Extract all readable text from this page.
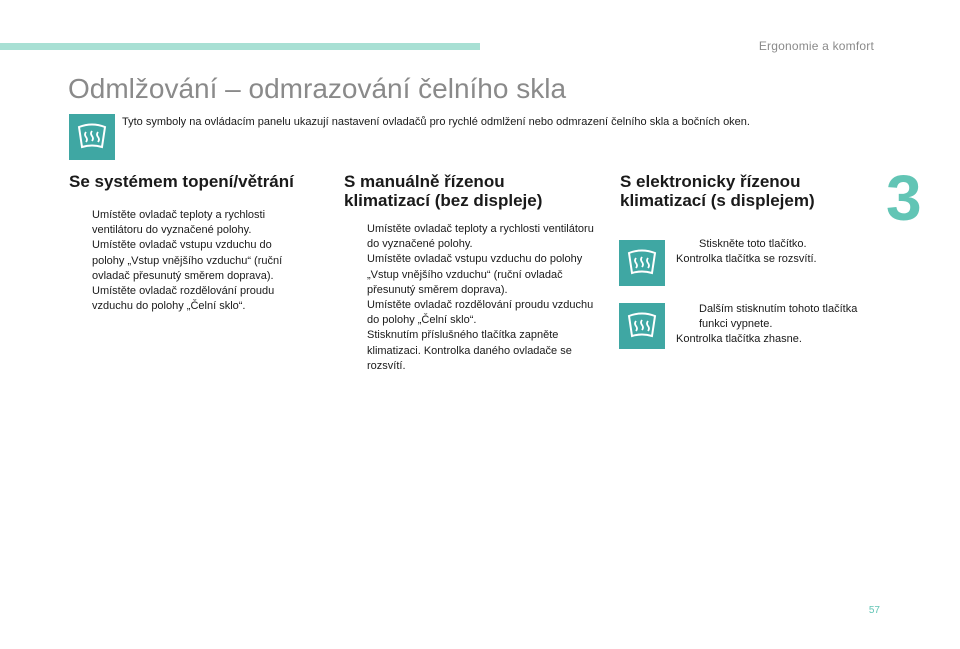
Ergonomie a komfort
3
Odmlžování – odmrazování čelního skla
Tyto symboly na ovládacím panelu ukazují nastavení ovladačů pro rychlé odmlžení nebo odmrazení čelního skla a bočních oken.
Se systémem topení/větrání
Umístěte ovladač teploty a rychlosti ventilátoru do vyznačené polohy.
Umístěte ovladač vstupu vzduchu do polohy „Vstup vnějšího vzduchu“ (ruční ovladač přesunutý směrem doprava).
Umístěte ovladač rozdělování proudu vzduchu do polohy „Čelní sklo“.
S manuálně řízenou
klimatizací (bez displeje)
Umístěte ovladač teploty a rychlosti ventilátoru do vyznačené polohy.
Umístěte ovladač vstupu vzduchu do polohy „Vstup vnějšího vzduchu“ (ruční ovladač přesunutý směrem doprava).
Umístěte ovladač rozdělování proudu vzduchu do polohy „Čelní sklo“.
Stisknutím příslušného tlačítka zapněte klimatizaci. Kontrolka daného ovladače se rozsvítí.
S elektronicky řízenou
klimatizací (s displejem)
Stiskněte toto tlačítko.
Kontrolka tlačítka se rozsvítí.
Dalším stisknutím tohoto tlačítka
funkci vypnete.
Kontrolka tlačítka zhasne.
57
